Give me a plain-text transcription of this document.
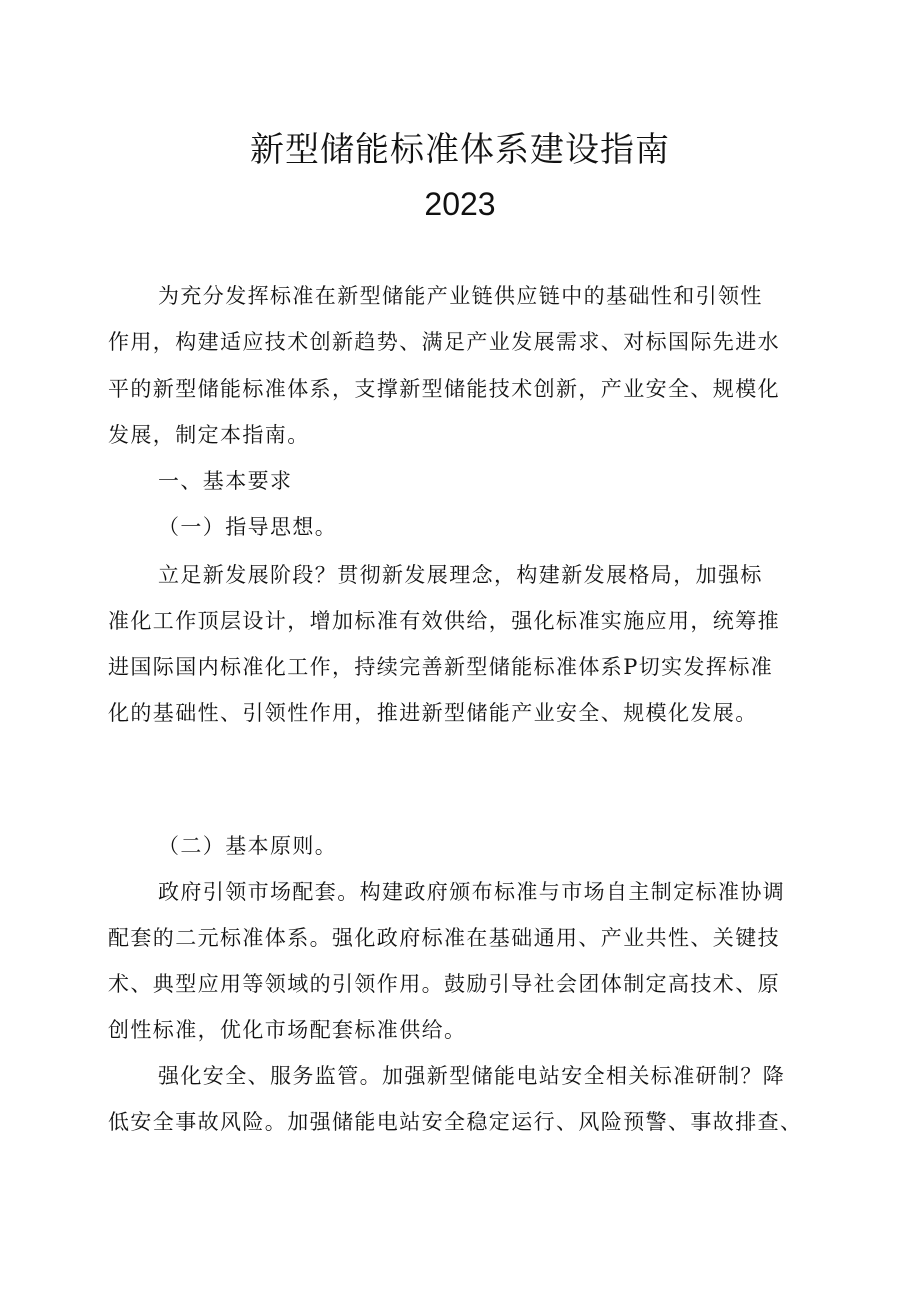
新型储能标准体系建设指南
2023
为充分发挥标准在新型储能产业链供应链中的基础性和引领性
作用，构建适应技术创新趋势、满足产业发展需求、对标国际先进水
平的新型储能标准体系，支撑新型储能技术创新，产业安全、规模化
发展，制定本指南。
一、基本要求
（一）指导思想。
立足新发展阶段？贯彻新发展理念，构建新发展格局，加强标
准化工作顶层设计，增加标准有效供给，强化标准实施应用，统筹推
进国际国内标准化工作，持续完善新型储能标准体系P切实发挥标准
化的基础性、引领性作用，推进新型储能产业安全、规模化发展。
（二）基本原则。
政府引领市场配套。构建政府颁布标准与市场自主制定标准协调
配套的二元标准体系。强化政府标准在基础通用、产业共性、关键技
术、典型应用等领域的引领作用。鼓励引导社会团体制定高技术、原
创性标准，优化市场配套标准供给。
强化安全、服务监管。加强新型储能电站安全相关标准研制？降
低安全事故风险。加强储能电站安全稳定运行、风险预警、事故排查、
